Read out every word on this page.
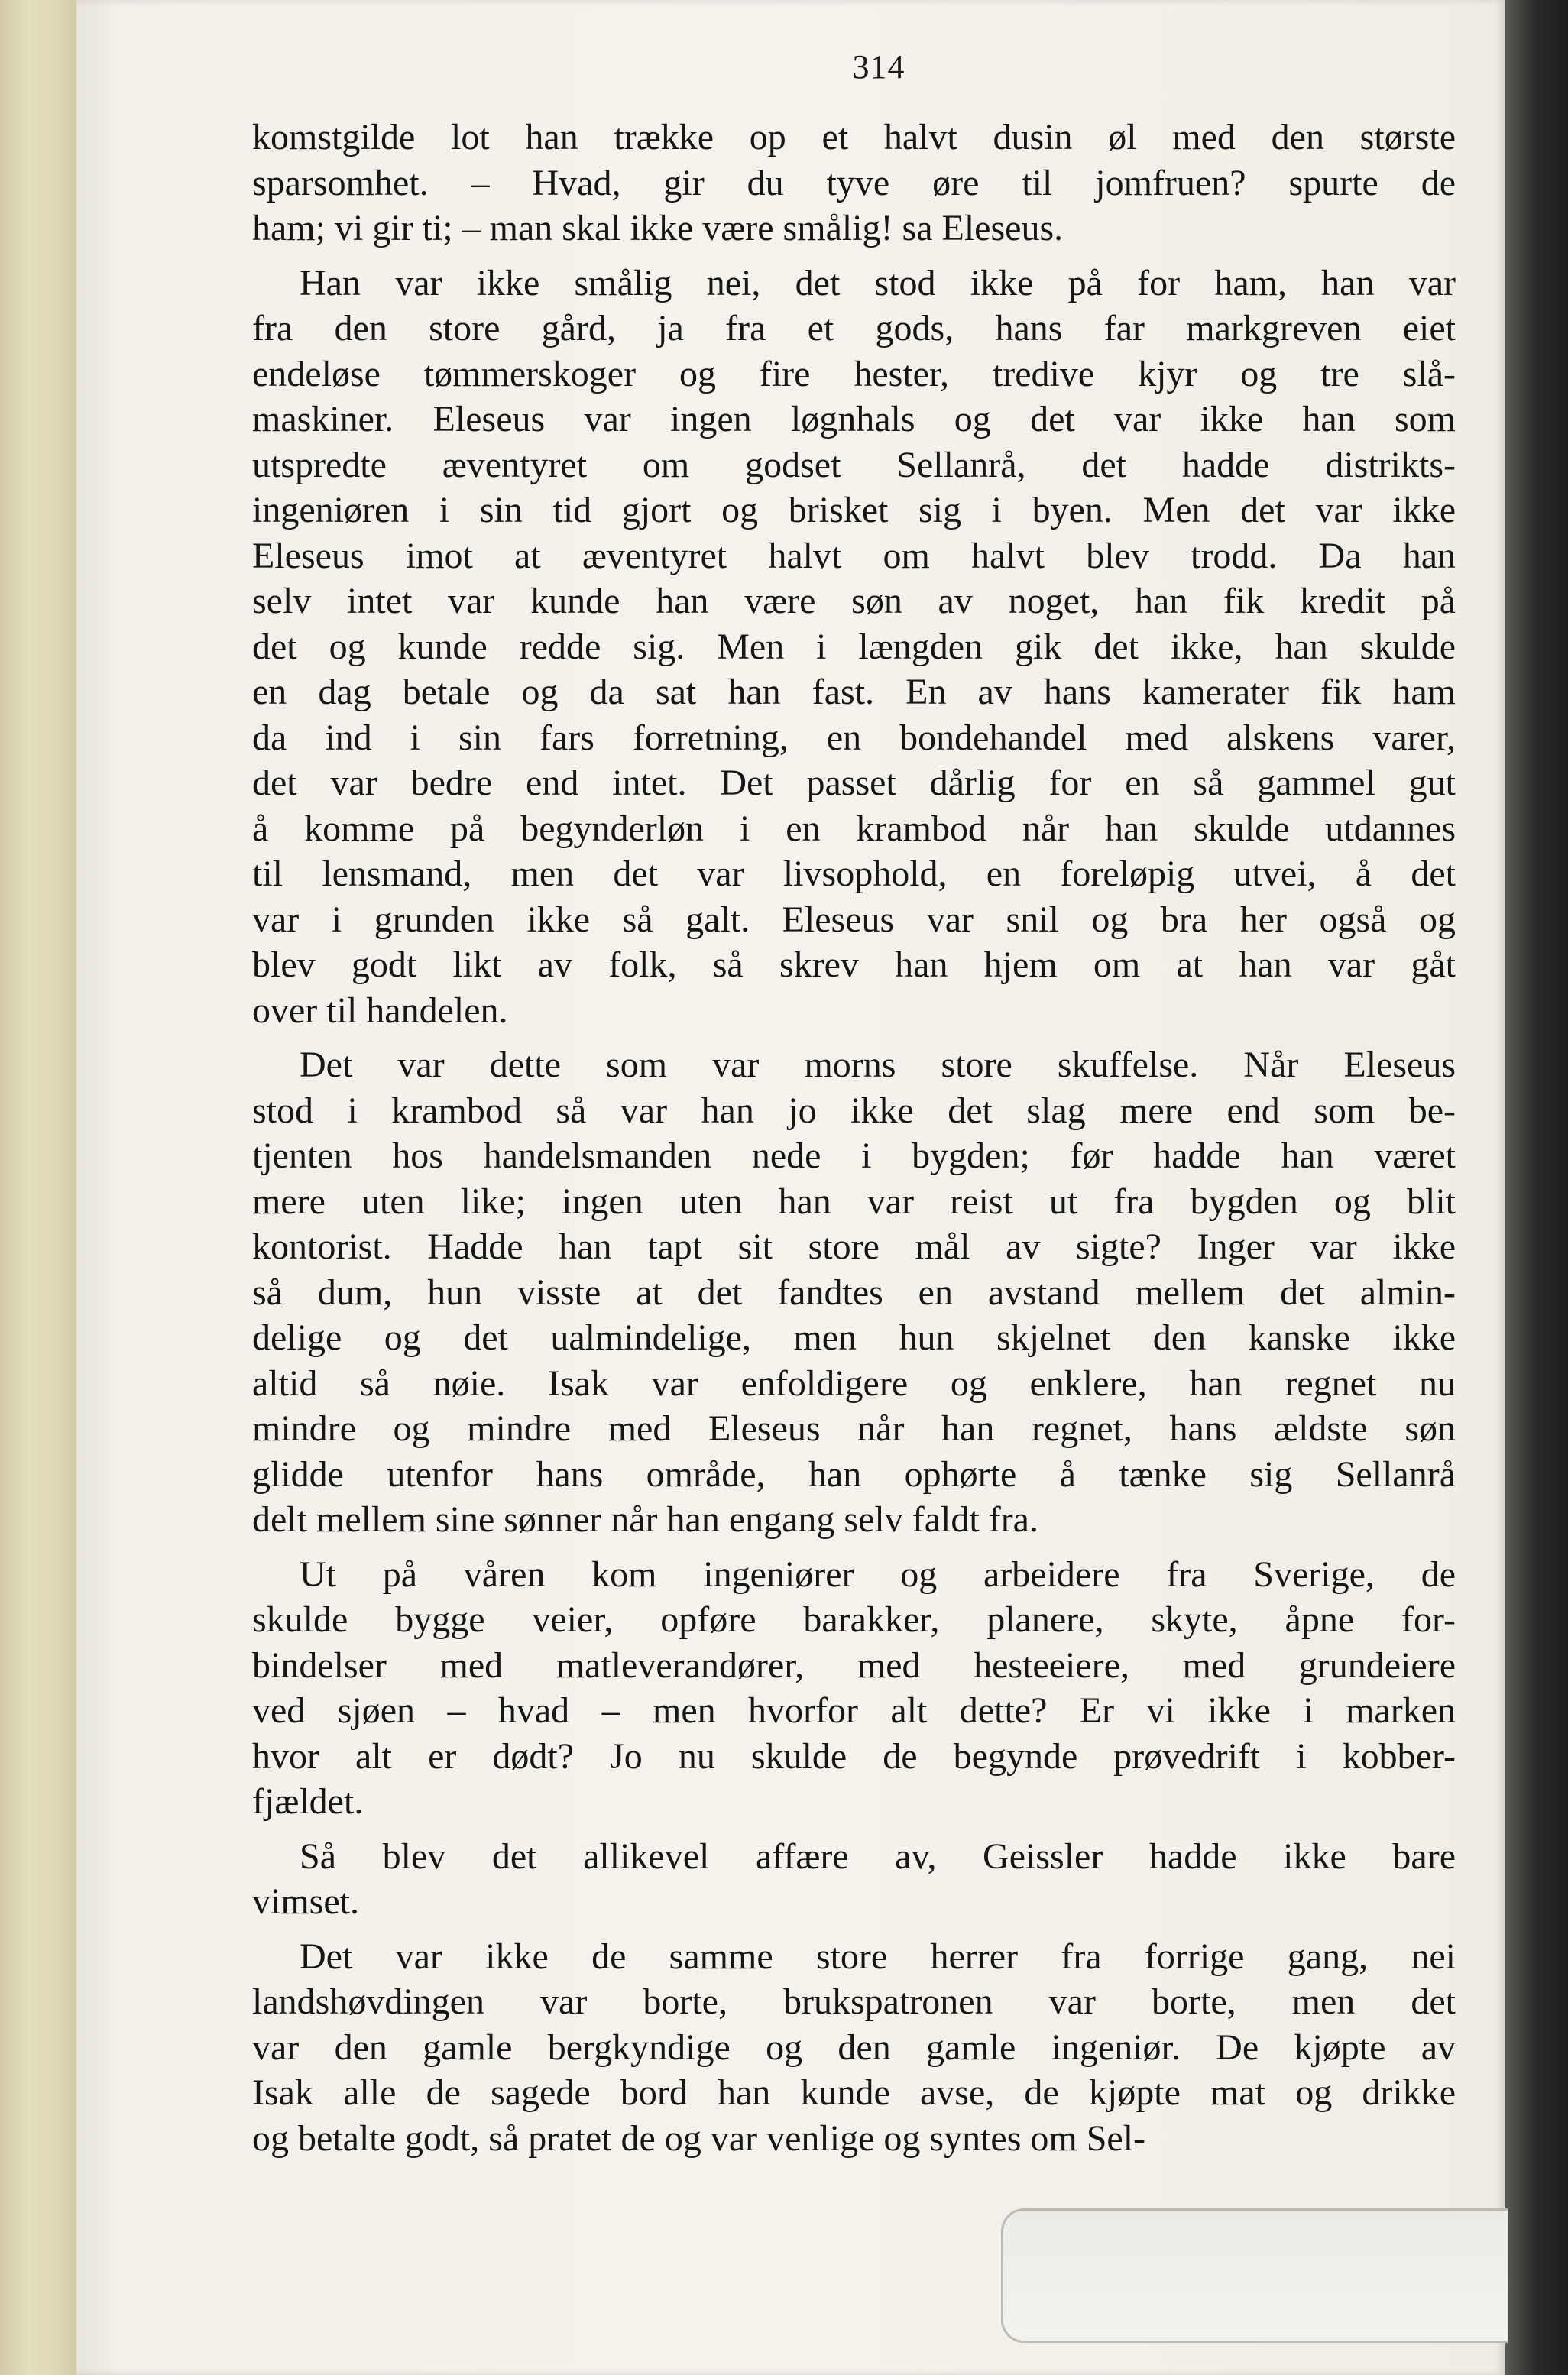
314
komstgilde lot han trække op et halvt dusin øl med den største
sparsomhet. – Hvad, gir du tyve øre til jomfruen? spurte de
ham; vi gir ti; – man skal ikke være smålig! sa Eleseus.
Han var ikke smålig nei, det stod ikke på for ham, han var
fra den store gård, ja fra et gods, hans far markgreven eiet
endeløse tømmerskoger og fire hester, tredive kjyr og tre slå-
maskiner. Eleseus var ingen løgnhals og det var ikke han som
utspredte æventyret om godset Sellanrå, det hadde distrikts-
ingeniøren i sin tid gjort og brisket sig i byen. Men det var ikke
Eleseus imot at æventyret halvt om halvt blev trodd. Da han
selv intet var kunde han være søn av noget, han fik kredit på
det og kunde redde sig. Men i længden gik det ikke, han skulde
en dag betale og da sat han fast. En av hans kamerater fik ham
da ind i sin fars forretning, en bondehandel med alskens varer,
det var bedre end intet. Det passet dårlig for en så gammel gut
å komme på begynderløn i en krambod når han skulde utdannes
til lensmand, men det var livsophold, en foreløpig utvei, å det
var i grunden ikke så galt. Eleseus var snil og bra her også og
blev godt likt av folk, så skrev han hjem om at han var gåt
over til handelen.
Det var dette som var morns store skuffelse. Når Eleseus
stod i krambod så var han jo ikke det slag mere end som be-
tjenten hos handelsmanden nede i bygden; før hadde han været
mere uten like; ingen uten han var reist ut fra bygden og blit
kontorist. Hadde han tapt sit store mål av sigte? Inger var ikke
så dum, hun visste at det fandtes en avstand mellem det almin-
delige og det ualmindelige, men hun skjelnet den kanske ikke
altid så nøie. Isak var enfoldigere og enklere, han regnet nu
mindre og mindre med Eleseus når han regnet, hans ældste søn
glidde utenfor hans område, han ophørte å tænke sig Sellanrå
delt mellem sine sønner når han engang selv faldt fra.
Ut på våren kom ingeniører og arbeidere fra Sverige, de
skulde bygge veier, opføre barakker, planere, skyte, åpne for-
bindelser med matleverandører, med hesteeiere, med grundeiere
ved sjøen – hvad – men hvorfor alt dette? Er vi ikke i marken
hvor alt er dødt? Jo nu skulde de begynde prøvedrift i kobber-
fjældet.
Så blev det allikevel affære av, Geissler hadde ikke bare
vimset.
Det var ikke de samme store herrer fra forrige gang, nei
landshøvdingen var borte, brukspatronen var borte, men det
var den gamle bergkyndige og den gamle ingeniør. De kjøpte av
Isak alle de sagede bord han kunde avse, de kjøpte mat og drikke
og betalte godt, så pratet de og var venlige og syntes om Sel-
